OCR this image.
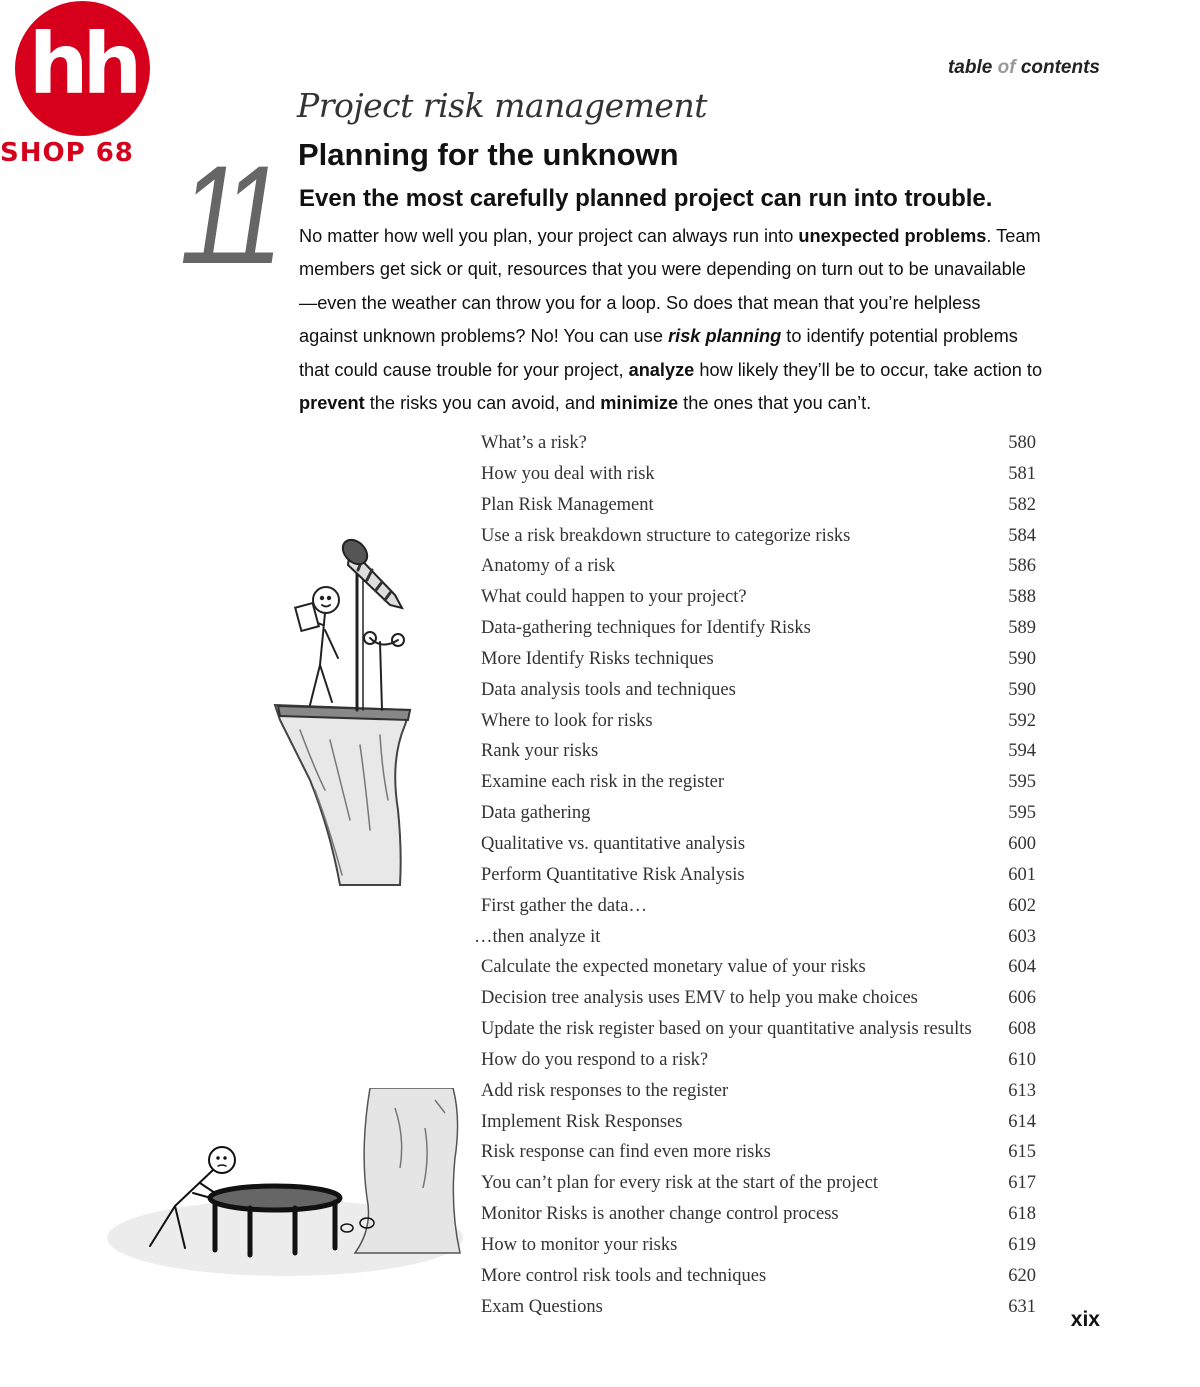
hh
SHOP 68
table of contents
11
Project risk management
Planning for the unknown
Even the most carefully planned project can run into trouble.
No matter how well you plan, your project can always run into unexpected problems. Team members get sick or quit, resources that you were depending on turn out to be unavailable—even the weather can throw you for a loop. So does that mean that you’re helpless against unknown problems? No! You can use risk planning to identify potential problems that could cause trouble for your project, analyze how likely they’ll be to occur, take action to prevent the risks you can avoid, and minimize the ones that you can’t.
What’s a risk?	580
How you deal with risk	581
Plan Risk Management	582
Use a risk breakdown structure to categorize risks	584
Anatomy of a risk	586
What could happen to your project?	588
Data-gathering techniques for Identify Risks	589
More Identify Risks techniques	590
Data analysis tools and techniques	590
Where to look for risks	592
Rank your risks	594
Examine each risk in the register	595
Data gathering	595
Qualitative vs. quantitative analysis	600
Perform Quantitative Risk Analysis	601
First gather the data…	602
…then analyze it	603
Calculate the expected monetary value of your risks	604
Decision tree analysis uses EMV to help you make choices	606
Update the risk register based on your quantitative analysis results 608
How do you respond to a risk?	610
Add risk responses to the register	613
Implement Risk Responses	614
Risk response can find even more risks	615
You can’t plan for every risk at the start of the project	617
Monitor Risks is another change control process	618
How to monitor your risks	619
More control risk tools and techniques	620
Exam Questions	631
xix
